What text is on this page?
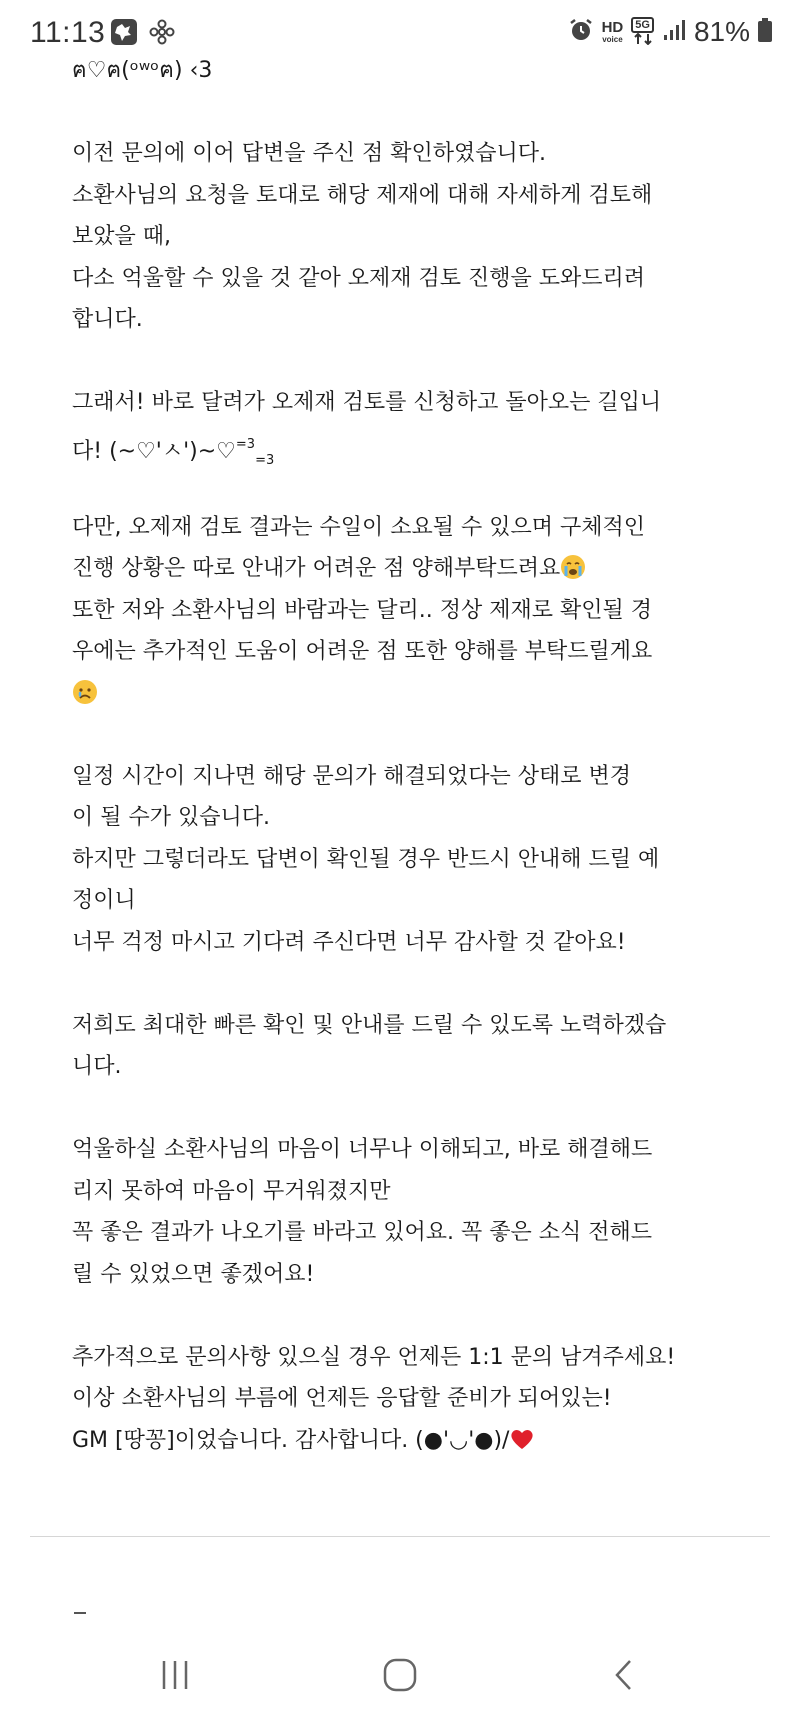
11:13	HD
voice
5G 81%
ฅ♡ฅ(ᵒʷᵒฅ) ‹3
이전 문의에 이어 답변을 주신 점 확인하였습니다.
소환사님의 요청을 토대로 해당 제재에 대해 자세하게 검토해
보았을 때,
다소 억울할 수 있을 것 같아 오제재 검토 진행을 도와드리려
합니다.
그래서! 바로 달려가 오제재 검토를 신청하고 돌아오는 길입니
다! (~♡'ㅅ')~♡$^{=3}_{=3}$
다만, 오제재 검토 결과는 수일이 소요될 수 있으며 구체적인
진행 상황은 따로 안내가 어려운 점 양해부탁드려요
또한 저와 소환사님의 바람과는 달리.. 정상 제재로 확인될 경
우에는 추가적인 도움이 어려운 점 또한 양해를 부탁드릴게요
일정 시간이 지나면 해당 문의가 해결되었다는 상태로 변경
이 될 수가 있습니다.
하지만 그렇더라도 답변이 확인될 경우 반드시 안내해 드릴 예
정이니
너무 걱정 마시고 기다려 주신다면 너무 감사할 것 같아요!
저희도 최대한 빠른 확인 및 안내를 드릴 수 있도록 노력하겠습
니다.
억울하실 소환사님의 마음이 너무나 이해되고, 바로 해결해드
리지 못하여 마음이 무거워졌지만
꼭 좋은 결과가 나오기를 바라고 있어요. 꼭 좋은 소식 전해드
릴 수 있었으면 좋겠어요!
추가적으로 문의사항 있으실 경우 언제든 1:1 문의 남겨주세요!
이상 소환사님의 부름에 언제든 응답할 준비가 되어있는!
GM [땅꽁]이었습니다. 감사합니다. (●'◡'●)/
